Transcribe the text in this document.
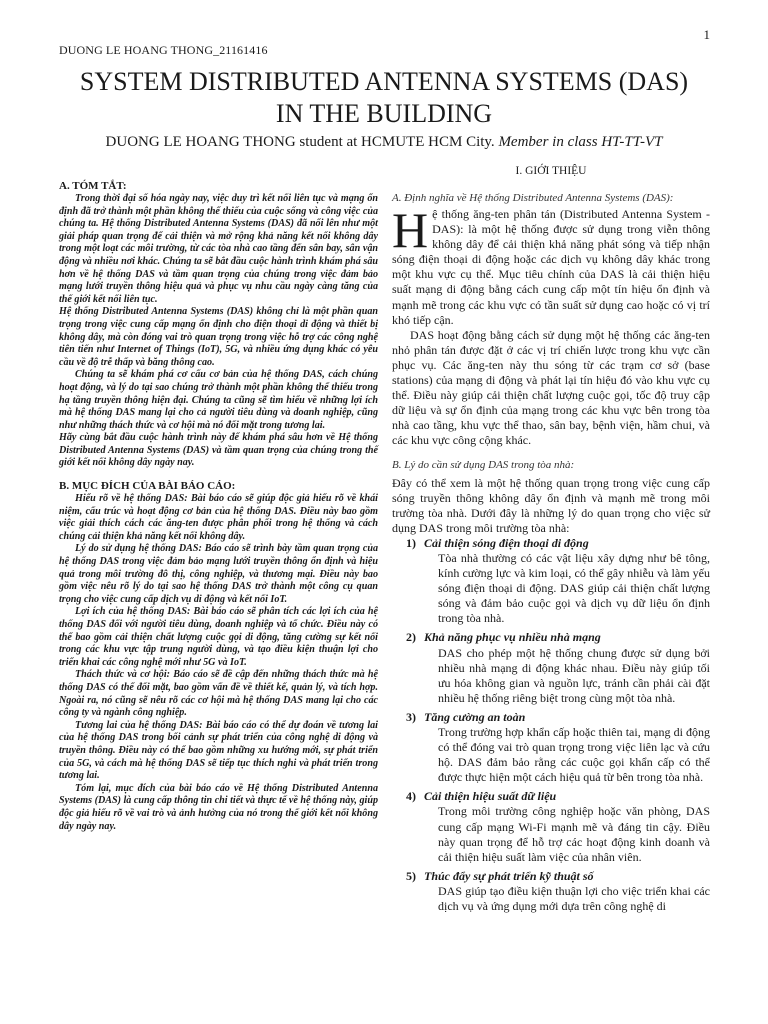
1
DUONG LE HOANG THONG_21161416
SYSTEM DISTRIBUTED ANTENNA SYSTEMS (DAS)
IN THE BUILDING
DUONG LE HOANG THONG student at HCMUTE HCM City. Member in class HT-TT-VT
A. TÓM TẮT:

Trong thời đại số hóa ngày nay, việc duy trì kết nối liên tục và mạng ổn định đã trở thành một phần không thể thiếu của cuộc sống và công việc của chúng ta. Hệ thống Distributed Antenna Systems (DAS) đã nổi lên như một giải pháp quan trọng để cải thiện và mở rộng khả năng kết nối không dây trong một loạt các môi trường, từ các tòa nhà cao tầng đến sân bay, sân vận động và nhiều nơi khác. Chúng ta sẽ bắt đầu cuộc hành trình khám phá sâu hơn về hệ thống DAS và tầm quan trọng của chúng trong việc đảm bảo mạng lưới truyền thông hiệu quả và phục vụ nhu cầu ngày càng tăng của thế giới kết nối liên tục.

Hệ thống Distributed Antenna Systems (DAS) không chỉ là một phần quan trọng trong việc cung cấp mạng ổn định cho điện thoại di động và thiết bị không dây, mà còn đóng vai trò quan trọng trong việc hỗ trợ các công nghệ tiên tiến như Internet of Things (IoT), 5G, và nhiều ứng dụng khác có yêu cầu về độ trễ thấp và băng thông cao.

Chúng ta sẽ khám phá cơ cấu cơ bản của hệ thống DAS, cách chúng hoạt động, và lý do tại sao chúng trở thành một phần không thể thiếu trong hạ tầng truyền thông hiện đại. Chúng ta cũng sẽ tìm hiểu về những lợi ích mà hệ thống DAS mang lại cho cả người tiêu dùng và doanh nghiệp, cũng như những thách thức và cơ hội mà nó đối mặt trong tương lai.

Hãy cùng bắt đầu cuộc hành trình này để khám phá sâu hơn về Hệ thống Distributed Antenna Systems (DAS) và tầm quan trọng của chúng trong thế giới kết nối không dây ngày nay.

B. MỤC ĐÍCH CỦA BÀI BÁO CÁO:

Hiểu rõ về hệ thống DAS: Bài báo cáo sẽ giúp độc giả hiểu rõ về khái niệm, cấu trúc và hoạt động cơ bản của hệ thống DAS. Điều này bao gồm việc giải thích cách các ăng-ten được phân phối trong hệ thống và cách chúng cải thiện khả năng kết nối không dây.

Lý do sử dụng hệ thống DAS: Báo cáo sẽ trình bày tầm quan trọng của hệ thống DAS trong việc đảm bảo mạng lưới truyền thông ổn định và hiệu quả trong môi trường đô thị, công nghiệp, và thương mại. Điều này bao gồm việc nêu rõ lý do tại sao hệ thống DAS trở thành một công cụ quan trọng cho việc cung cấp dịch vụ di động và kết nối IoT.

Lợi ích của hệ thống DAS: Bài báo cáo sẽ phân tích các lợi ích của hệ thống DAS đối với người tiêu dùng, doanh nghiệp và tổ chức. Điều này có thể bao gồm cải thiện chất lượng cuộc gọi di động, tăng cường sự kết nối trong các khu vực tập trung người dùng, và tạo điều kiện thuận lợi cho triển khai các công nghệ mới như 5G và IoT.

Thách thức và cơ hội: Báo cáo sẽ đề cập đến những thách thức mà hệ thống DAS có thể đối mặt, bao gồm vấn đề về thiết kế, quản lý, và tích hợp. Ngoài ra, nó cũng sẽ nêu rõ các cơ hội mà hệ thống DAS mang lại cho các công ty và ngành công nghiệp.

Tương lai của hệ thống DAS: Bài báo cáo có thể dự đoán về tương lai của hệ thống DAS trong bối cảnh sự phát triển của công nghệ di động và truyền thông. Điều này có thể bao gồm những xu hướng mới, sự phát triển của 5G, và cách mà hệ thống DAS sẽ tiếp tục thích nghi và phát triển trong tương lai.

Tóm lại, mục đích của bài báo cáo về Hệ thống Distributed Antenna Systems (DAS) là cung cấp thông tin chi tiết và thực tế về hệ thống này, giúp độc giả hiểu rõ về vai trò và ảnh hưởng của nó trong thế giới kết nối không dây ngày nay.

I. GIỚI THIỆU
A. Định nghĩa về Hệ thống Distributed Antenna Systems (DAS):

Hệ thống ăng-ten phân tán (Distributed Antenna System - DAS): là một hệ thống được sử dụng trong viễn thông không dây để cải thiện khả năng phát sóng và tiếp nhận sóng điện thoại di động hoặc các dịch vụ không dây khác trong một khu vực cụ thể. Mục tiêu chính của DAS là cải thiện hiệu suất mạng di động bằng cách cung cấp một tín hiệu ổn định và mạnh mẽ trong các khu vực có tần suất sử dụng cao hoặc có vị trí khó tiếp cận.

DAS hoạt động bằng cách sử dụng một hệ thống các ăng-ten nhỏ phân tán được đặt ở các vị trí chiến lược trong khu vực cần phục vụ. Các ăng-ten này thu sóng từ các trạm cơ sở (base stations) của mạng di động và phát lại tín hiệu đó vào khu vực cụ thể. Điều này giúp cải thiện chất lượng cuộc gọi, tốc độ truy cập dữ liệu và sự ổn định của mạng trong các khu vực bên trong tòa nhà cao tầng, khu vực thể thao, sân bay, bệnh viện, hầm chui, và các khu vực công cộng khác.

B. Lý do cần sử dụng DAS trong tòa nhà:

Đây có thể xem là một hệ thống quan trọng trong việc cung cấp sóng truyền thông không dây ổn định và mạnh mẽ trong môi trường tòa nhà. Dưới đây là những lý do quan trọng cho việc sử dụng DAS trong môi trường tòa nhà:

1) Cải thiện sóng điện thoại di động

Tòa nhà thường có các vật liệu xây dựng như bê tông, kính cường lực và kim loại, có thể gây nhiễu và làm yếu sóng điện thoại di động. DAS giúp cải thiện chất lượng sóng và đảm bảo cuộc gọi và dịch vụ dữ liệu ổn định trong tòa nhà.

2) Khả năng phục vụ nhiều nhà mạng

DAS cho phép một hệ thống chung được sử dụng bởi nhiều nhà mạng di động khác nhau. Điều này giúp tối ưu hóa không gian và nguồn lực, tránh cần phải cài đặt nhiều hệ thống riêng biệt trong cùng một tòa nhà.

3) Tăng cường an toàn

Trong trường hợp khẩn cấp hoặc thiên tai, mạng di động có thể đóng vai trò quan trọng trong việc liên lạc và cứu hộ. DAS đảm bảo rằng các cuộc gọi khẩn cấp có thể được thực hiện một cách hiệu quả từ bên trong tòa nhà.

4) Cải thiện hiệu suất dữ liệu

Trong môi trường công nghiệp hoặc văn phòng, DAS cung cấp mạng Wi-Fi mạnh mẽ và đáng tin cậy. Điều này quan trọng để hỗ trợ các hoạt động kinh doanh và cải thiện hiệu suất làm việc của nhân viên.

5) Thúc đẩy sự phát triển kỹ thuật số

DAS giúp tạo điều kiện thuận lợi cho việc triển khai các dịch vụ và ứng dụng mới dựa trên công nghệ di
